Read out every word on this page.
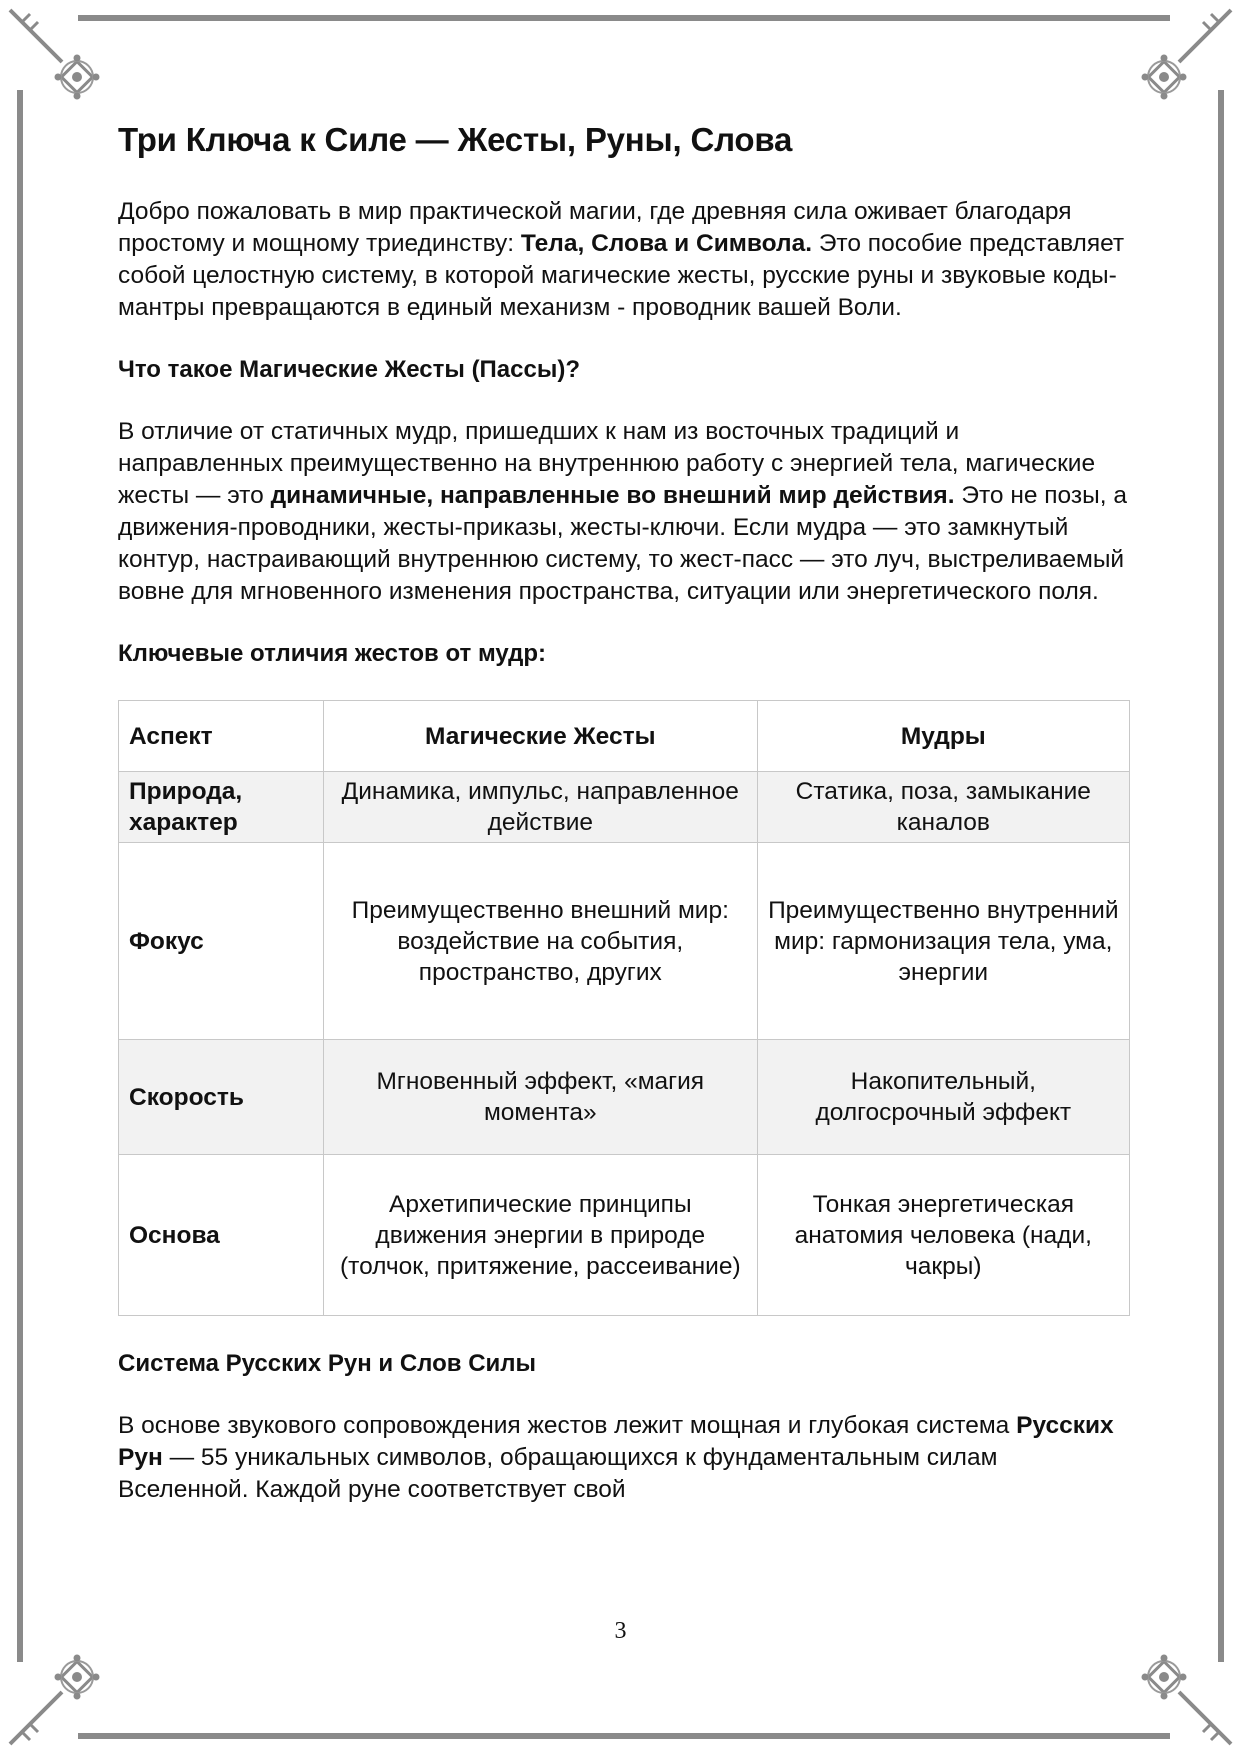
Три Ключа к Силе — Жесты, Руны, Слова

Добро пожаловать в мир практической магии, где древняя сила оживает благодаря простому и мощному триединству: Тела, Слова и Символа. Это пособие представляет собой целостную систему, в которой магические жесты, русские руны и звуковые коды-мантры превращаются в единый механизм - проводник вашей Воли.

Что такое Магические Жесты (Пассы)?

В отличие от статичных мудр, пришедших к нам из восточных традиций и направленных преимущественно на внутреннюю работу с энергией тела, магические жесты — это динамичные, направленные во внешний мир действия. Это не позы, а движения-проводники, жесты-приказы, жесты-ключи. Если мудра — это замкнутый контур, настраивающий внутреннюю систему, то жест-пасс — это луч, выстреливаемый вовне для мгновенного изменения пространства, ситуации или энергетического поля.

Ключевые отличия жестов от мудр:
Аспект	Магические Жесты	Мудры
Природа, характер	Динамика, импульс, направленное действие	Статика, поза, замыкание каналов
Фокус	Преимущественно внешний мир: воздействие на события, пространство, других	Преимущественно внутренний мир: гармонизация тела, ума, энергии
Скорость	Мгновенный эффект, «магия момента»	Накопительный, долгосрочный эффект
Основа	Архетипические принципы движения энергии в природе (толчок, притяжение, рассеивание)	Тонкая энергетическая анатомия человека (нади, чакры)
Система Русских Рун и Слов Силы

В основе звукового сопровождения жестов лежит мощная и глубокая система Русских Рун — 55 уникальных символов, обращающихся к фундаментальным силам Вселенной. Каждой руне соответствует свой

3
